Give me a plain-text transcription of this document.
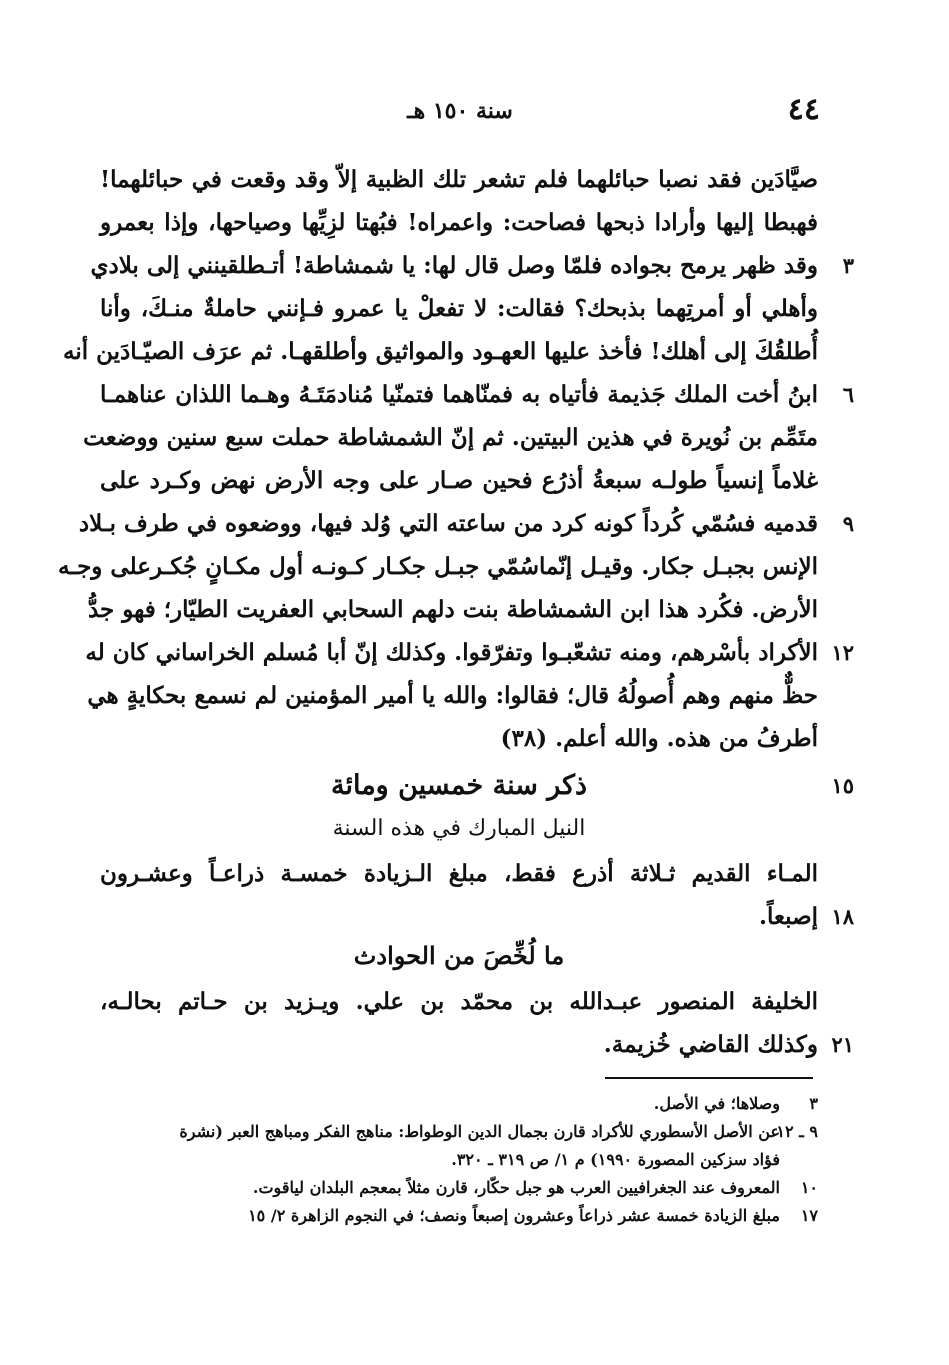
٤٤
سنة ١٥٠ هـ
صيَّادَين فقد نصبا حبائلهما فلم تشعر تلك الظبية إلاّ وقد وقعت في حبائلهما!
فهبطا إليها وأرادا ذبحها فصاحت: واعمراه! فبُهتا لزِيِّها وصياحها، وإذا بعمرو
وقد ظهر يرمح بجواده فلمّا وصل قال لها: يا شمشاطة! أتـطلقينني إلى بلادي ٣
وأهلي أو أمرتِهما بذبحك؟ فقالت: لا تفعلْ يا عمرو فـإنني حاملةٌ منـكَ، وأنا
أُطلقُكَ إلى أهلك! فأخذ عليها العهـود والمواثيق وأطلقهـا. ثم عرَف الصيّـادَين أنه
ابنُ أخت الملك جَذيمة فأتياه به فمنّاهما فتمنّيا مُنادمَتَـهُ وهـما اللذان عناهمـا ٦
متَمِّم بن نُويرة في هذين البيتين. ثم إنّ الشمشاطة حملت سبع سنين ووضعت
غلاماً إنسياً طولـه سبعةُ أذرُع فحين صـار على وجه الأرض نهض وكـرد على
قدميه فسُمّي كُرداً كونه كرد من ساعته التي وُلد فيها، ووضعوه في طرف بـلاد ٩
الإنس بجبـل جكار. وقيـل إنّماسُمّي جبـل جكـار كـونـه أول مكـانٍ جُكـرعلى وجـه
الأرض. فكُرد هذا ابن الشمشاطة بنت دلهم السحابي العفريت الطيّار؛ فهو جدُّ
الأكراد بأسْرهم، ومنه تشعّبـوا وتفرّقوا. وكذلك إنّ أبا مُسلم الخراساني كان له ١٢
حظٌّ منهم وهم أُصولُهُ قال؛ فقالوا: والله يا أمير المؤمنين لم نسمع بحكايةٍ هي
أطرفُ من هذه. والله أعلم. (٣٨)
ذكر سنة خمسين ومائة	١٥
النيل المبارك في هذه السنة
المـاء القديم ثـلاثة أذرع فقط، مبلغ الـزيادة خمسـة ذراعـاً وعشـرون
إصبعاً. ١٨
ما لُخِّصَ من الحوادث
الخليفة المنصور عبـدالله بن محمّد بن علي. ويـزيد بن حـاتم بحالـه،
وكذلك القاضي خُزيمة. ٢١
٣
وصلاها؛ في الأصل.
٩ ـ ١٢
عن الأصل الأسطوري للأكراد قارن بجمال الدين الوطواط: مناهج الفكر ومباهج العبر (نشرة
فؤاد سزكين المصورة ١٩٩٠) م ١/ ص ٣١٩ ـ ٣٢٠.
١٠
المعروف عند الجغرافيين العرب هو جبل حكّار، قارن مثلاً بمعجم البلدان لياقوت.
١٧
مبلغ الزيادة خمسة عشر ذراعاً وعشرون إصبعاً ونصف؛ في النجوم الزاهرة ٢/ ١٥
